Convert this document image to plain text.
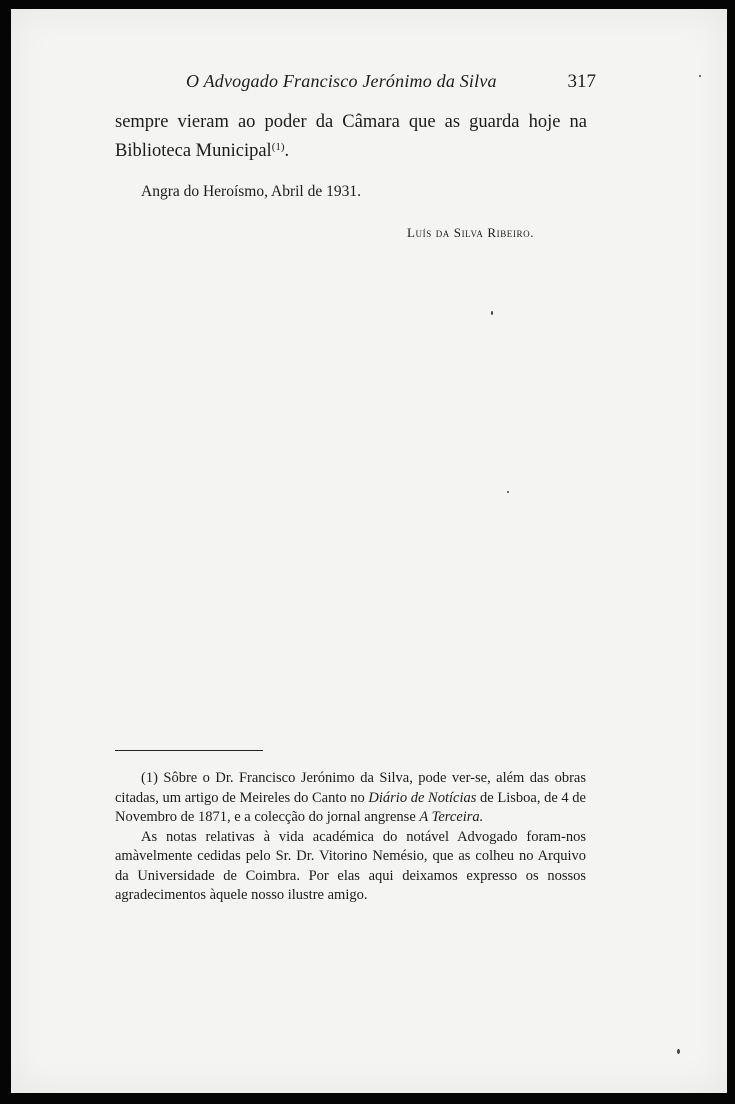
O Advogado Francisco Jerónimo da Silva	317

sempre vieram ao poder da Câmara que as guarda hoje na Biblioteca Municipal$^{(1)}$.

Angra do Heroísmo, Abril de 1931.
Luís da Silva Ribeiro.

(1) Sôbre o Dr. Francisco Jerónimo da Silva, pode ver-se, além das obras citadas, um artigo de Meireles do Canto no Diário de Notícias de Lisboa, de 4 de Novembro de 1871, e a colecção do jornal angrense A Terceira.

As notas relativas à vida académica do notável Advogado foram-nos amàvelmente cedidas pelo Sr. Dr. Vitorino Nemésio, que as colheu no Arquivo da Universidade de Coimbra. Por elas aqui deixamos expresso os nossos agradecimentos àquele nosso ilustre amigo.
